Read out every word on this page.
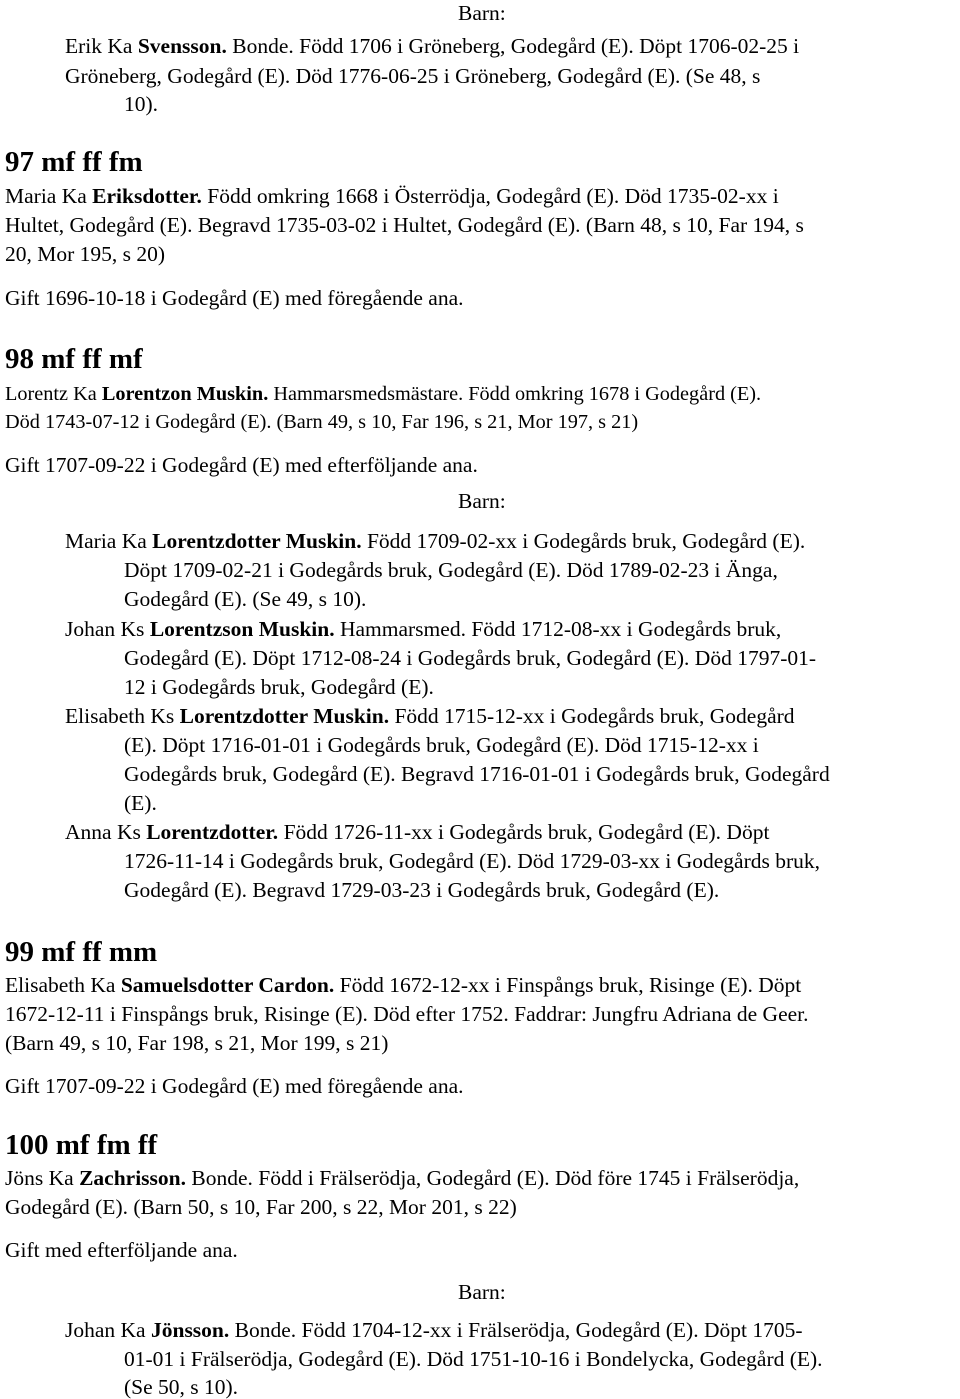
Barn:
Erik Ka Svensson. Bonde. Född 1706 i Gröneberg, Godegård (E). Döpt 1706-02-25 i
Gröneberg, Godegård (E). Död 1776-06-25 i Gröneberg, Godegård (E). (Se 48, s
10).
97 mf ff fm
Maria Ka Eriksdotter. Född omkring 1668 i Österrödja, Godegård (E). Död 1735-02-xx i
Hultet, Godegård (E). Begravd 1735-03-02 i Hultet, Godegård (E). (Barn 48, s 10, Far 194, s
20, Mor 195, s 20)
Gift 1696-10-18 i Godegård (E) med föregående ana.
98 mf ff mf
Lorentz Ka Lorentzon Muskin. Hammarsmedsmästare. Född omkring 1678 i Godegård (E).
Död 1743-07-12 i Godegård (E). (Barn 49, s 10, Far 196, s 21, Mor 197, s 21)
Gift 1707-09-22 i Godegård (E) med efterföljande ana.
Barn:
Maria Ka Lorentzdotter Muskin. Född 1709-02-xx i Godegårds bruk, Godegård (E).
Döpt 1709-02-21 i Godegårds bruk, Godegård (E). Död 1789-02-23 i Änga,
Godegård (E). (Se 49, s 10).
Johan Ks Lorentzson Muskin. Hammarsmed. Född 1712-08-xx i Godegårds bruk,
Godegård (E). Döpt 1712-08-24 i Godegårds bruk, Godegård (E). Död 1797-01-
12 i Godegårds bruk, Godegård (E).
Elisabeth Ks Lorentzdotter Muskin. Född 1715-12-xx i Godegårds bruk, Godegård
(E). Döpt 1716-01-01 i Godegårds bruk, Godegård (E). Död 1715-12-xx i
Godegårds bruk, Godegård (E). Begravd 1716-01-01 i Godegårds bruk, Godegård
(E).
Anna Ks Lorentzdotter. Född 1726-11-xx i Godegårds bruk, Godegård (E). Döpt
1726-11-14 i Godegårds bruk, Godegård (E). Död 1729-03-xx i Godegårds bruk,
Godegård (E). Begravd 1729-03-23 i Godegårds bruk, Godegård (E).
99 mf ff mm
Elisabeth Ka Samuelsdotter Cardon. Född 1672-12-xx i Finspångs bruk, Risinge (E). Döpt
1672-12-11 i Finspångs bruk, Risinge (E). Död efter 1752. Faddrar: Jungfru Adriana de Geer.
(Barn 49, s 10, Far 198, s 21, Mor 199, s 21)
Gift 1707-09-22 i Godegård (E) med föregående ana.
100 mf fm ff
Jöns Ka Zachrisson. Bonde. Född i Frälserödja, Godegård (E). Död före 1745 i Frälserödja,
Godegård (E). (Barn 50, s 10, Far 200, s 22, Mor 201, s 22)
Gift med efterföljande ana.
Barn:
Johan Ka Jönsson. Bonde. Född 1704-12-xx i Frälserödja, Godegård (E). Döpt 1705-
01-01 i Frälserödja, Godegård (E). Död 1751-10-16 i Bondelycka, Godegård (E).
(Se 50, s 10).
